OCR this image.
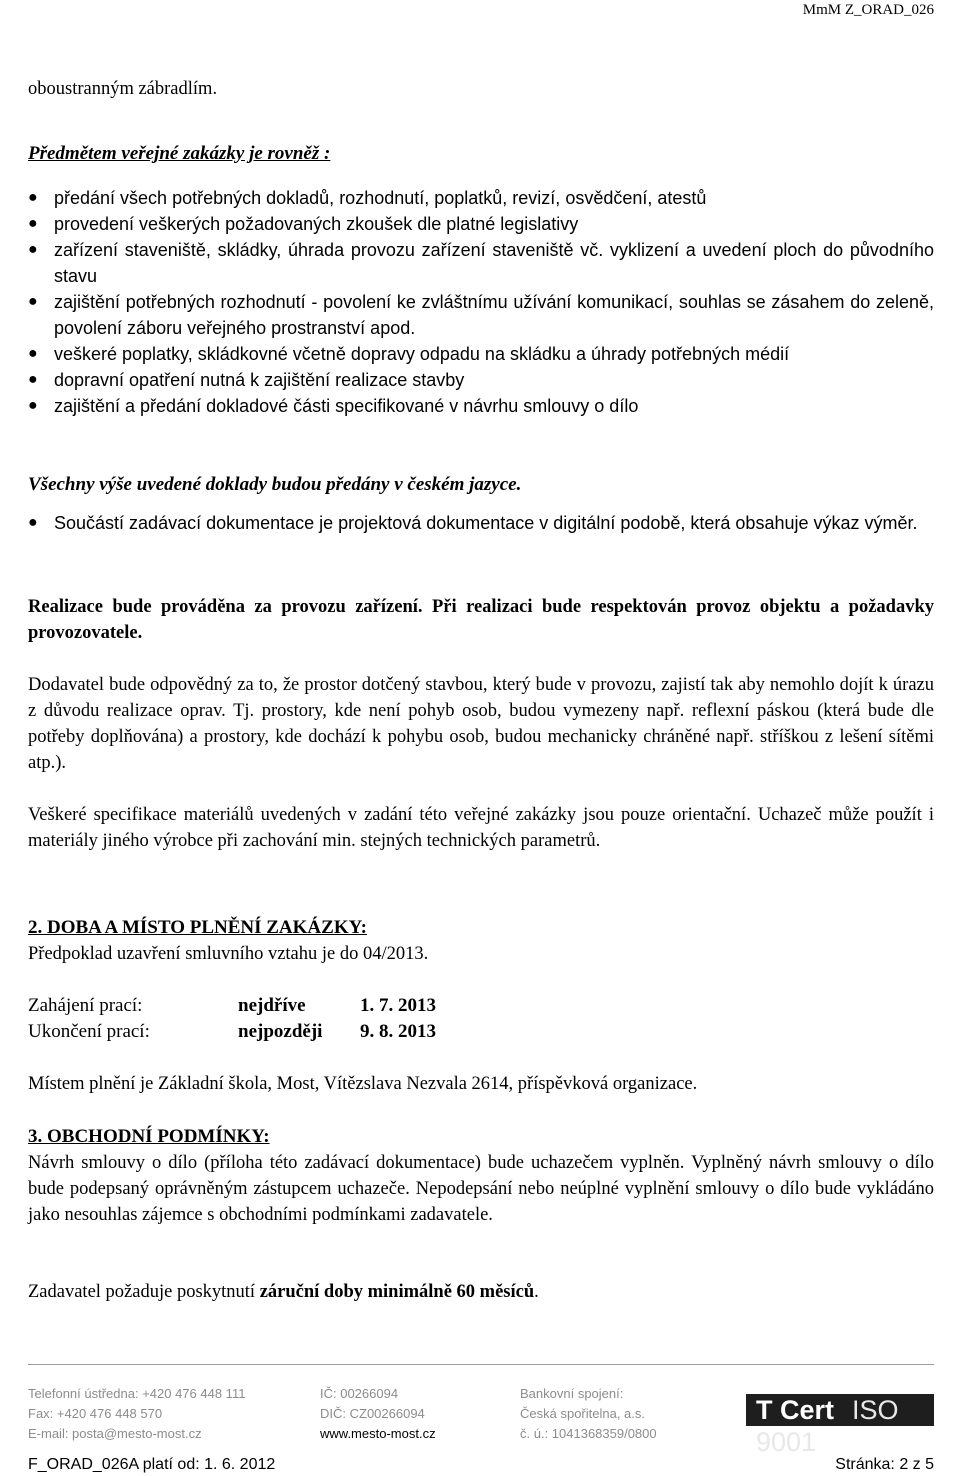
MmM Z_ORAD_026
oboustranným zábradlím.
Předmětem veřejné zakázky je rovněž :
● předání všech potřebných dokladů, rozhodnutí, poplatků, revizí, osvědčení, atestů
● provedení veškerých požadovaných zkoušek dle platné legislativy
● zařízení staveniště, skládky, úhrada provozu zařízení staveniště vč. vyklizení a uvedení ploch do původního stavu
● zajištění potřebných rozhodnutí - povolení ke zvláštnímu užívání komunikací, souhlas se zásahem do zeleně, povolení záboru veřejného prostranství apod.
● veškeré poplatky, skládkovné včetně dopravy odpadu na skládku a úhrady potřebných médií
● dopravní opatření nutná k zajištění realizace stavby
● zajištění a předání dokladové části specifikované v návrhu smlouvy o dílo
Všechny výše uvedené doklady budou předány v českém jazyce.
● Součástí zadávací dokumentace je projektová dokumentace v digitální podobě, která obsahuje výkaz výměr.
Realizace bude prováděna za provozu zařízení. Při realizaci bude respektován provoz objektu a požadavky provozovatele.
Dodavatel bude odpovědný za to, že prostor dotčený stavbou, který bude v provozu, zajistí tak aby nemohlo dojít k úrazu z důvodu realizace oprav. Tj. prostory, kde není pohyb osob, budou vymezeny např. reflexní páskou (která bude dle potřeby doplňována) a prostory, kde dochází k pohybu osob, budou mechanicky chráněné např. stříškou z lešení sítěmi atp.).
Veškeré specifikace materiálů uvedených v zadání této veřejné zakázky jsou pouze orientační. Uchazeč může použít i materiály jiného výrobce při zachování min. stejných technických parametrů.
2. DOBA A MÍSTO PLNĚNÍ ZAKÁZKY:
Předpoklad uzavření smluvního vztahu je do 04/2013.
Zahájení prací:	nejdříve	1. 7. 2013
Ukončení prací:	nejpozději 9. 8. 2013
Místem plnění je Základní škola, Most, Vítězslava Nezvala 2614, příspěvková organizace.
3. OBCHODNÍ PODMÍNKY:
Návrh smlouvy o dílo (příloha této zadávací dokumentace) bude uchazečem vyplněn. Vyplněný návrh smlouvy o dílo bude podepsaný oprávněným zástupcem uchazeče. Nepodepsání nebo neúplné vyplnění smlouvy o dílo bude vykládáno jako nesouhlas zájemce s obchodními podmínkami zadavatele.
Zadavatel požaduje poskytnutí záruční doby minimálně 60 měsíců.
Telefonní ústředna: +420 476 448 111
Fax: +420 476 448 570
E-mail: posta@mesto-most.cz
IČ: 00266094
DIČ: CZ00266094
www.mesto-most.cz
Bankovní spojení:
Česká spořitelna, a.s.
č. ú.: 1041368359/0800
T Cert ISO 9001
F_ORAD_026A platí od: 1. 6. 2012	Stránka: 2 z 5
